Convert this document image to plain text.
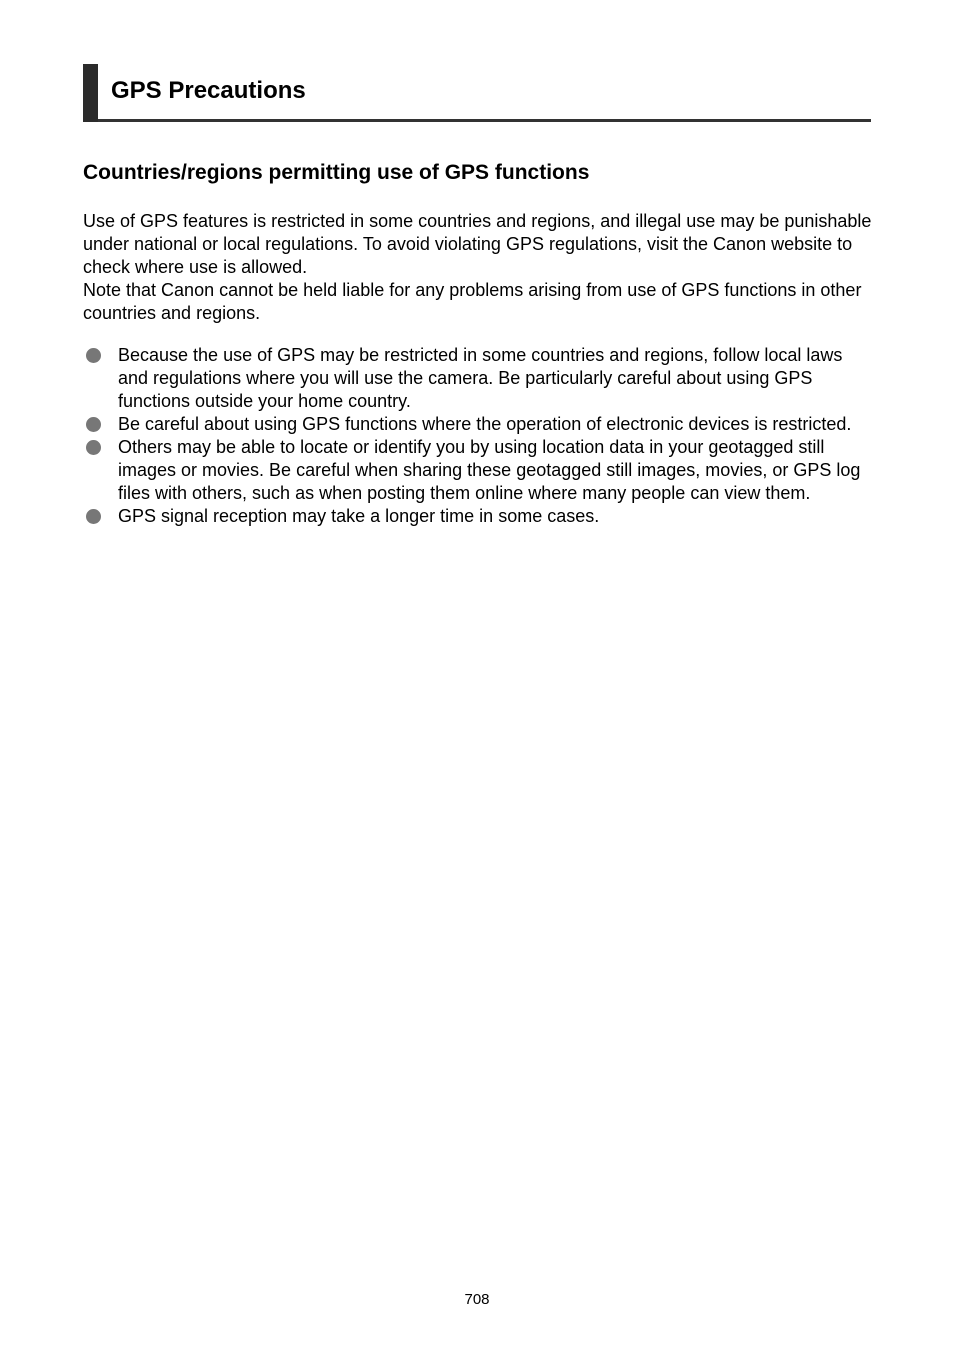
GPS Precautions
Countries/regions permitting use of GPS functions

Use of GPS features is restricted in some countries and regions, and illegal use may be punishable under national or local regulations. To avoid violating GPS regulations, visit the Canon website to check where use is allowed.

Note that Canon cannot be held liable for any problems arising from use of GPS functions in other countries and regions.

Because the use of GPS may be restricted in some countries and regions, follow local laws and regulations where you will use the camera. Be particularly careful about using GPS functions outside your home country.
Be careful about using GPS functions where the operation of electronic devices is restricted.
Others may be able to locate or identify you by using location data in your geotagged still images or movies. Be careful when sharing these geotagged still images, movies, or GPS log files with others, such as when posting them online where many people can view them.
GPS signal reception may take a longer time in some cases.
708
